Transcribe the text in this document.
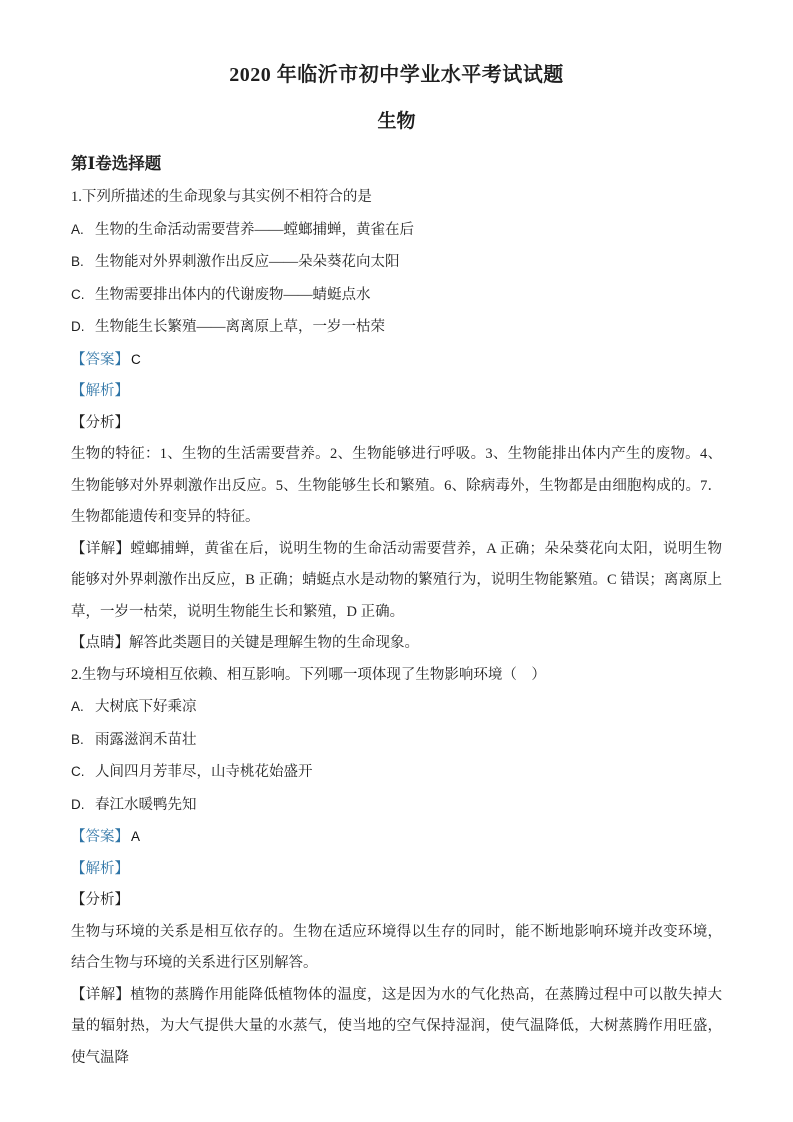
2020 年临沂市初中学业水平考试试题
生物
第Ⅰ卷选择题
1.下列所描述的生命现象与其实例不相符合的是
A. 生物的生命活动需要营养——螳螂捕蝉，黄雀在后
B. 生物能对外界刺激作出反应——朵朵葵花向太阳
C. 生物需要排出体内的代谢废物——蜻蜓点水
D. 生物能生长繁殖——离离原上草，一岁一枯荣
【答案】 C
【解析】
【分析】
生物的特征：1、生物的生活需要营养。2、生物能够进行呼吸。3、生物能排出体内产生的废物。4、生物能够对外界刺激作出反应。5、生物能够生长和繁殖。6、除病毒外，生物都是由细胞构成的。7．生物都能遗传和变异的特征。
【详解】螳螂捕蝉，黄雀在后，说明生物的生命活动需要营养，A 正确；朵朵葵花向太阳，说明生物能够对外界刺激作出反应，B 正确；蜻蜓点水是动物的繁殖行为，说明生物能繁殖。C 错误；离离原上草，一岁一枯荣，说明生物能生长和繁殖，D 正确。
【点睛】解答此类题目的关键是理解生物的生命现象。
2.生物与环境相互依赖、相互影响。下列哪一项体现了生物影响环境（　）
A. 大树底下好乘凉
B. 雨露滋润禾苗壮
C. 人间四月芳菲尽，山寺桃花始盛开
D. 春江水暖鸭先知
【答案】 A
【解析】
【分析】
生物与环境的关系是相互依存的。生物在适应环境得以生存的同时，能不断地影响环境并改变环境，结合生物与环境的关系进行区别解答。
【详解】植物的蒸腾作用能降低植物体的温度，这是因为水的气化热高，在蒸腾过程中可以散失掉大量的辐射热，为大气提供大量的水蒸气，使当地的空气保持湿润，使气温降低，大树蒸腾作用旺盛，使气温降
